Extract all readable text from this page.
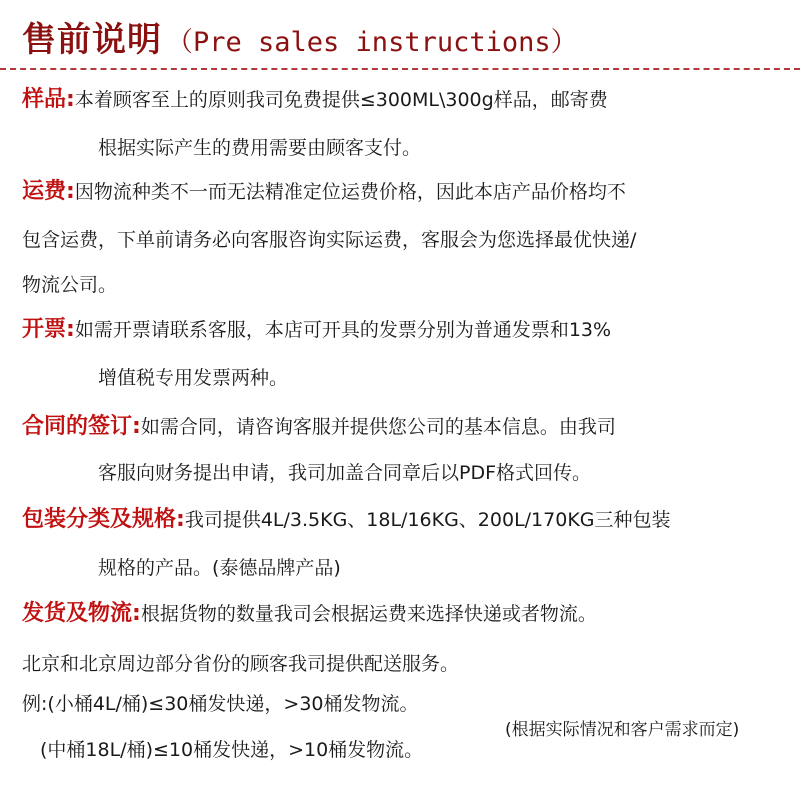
售前说明 （Pre sales instructions）
样品:本着顾客至上的原则我司免费提供≤300ML\300g样品，邮寄费
根据实际产生的费用需要由顾客支付。
运费:因物流种类不一而无法精准定位运费价格，因此本店产品价格均不
包含运费，下单前请务必向客服咨询实际运费，客服会为您选择最优快递/
物流公司。
开票:如需开票请联系客服，本店可开具的发票分别为普通发票和13%
增值税专用发票两种。
合同的签订:如需合同，请咨询客服并提供您公司的基本信息。由我司
客服向财务提出申请，我司加盖合同章后以PDF格式回传。
包装分类及规格:我司提供4L/3.5KG、18L/16KG、200L/170KG三种包装
规格的产品。(泰德品牌产品)
发货及物流:根据货物的数量我司会根据运费来选择快递或者物流。
北京和北京周边部分省份的顾客我司提供配送服务。
例:(小桶4L/桶)≤30桶发快递，>30桶发物流。
(根据实际情况和客户需求而定)
(中桶18L/桶)≤10桶发快递，>10桶发物流。
